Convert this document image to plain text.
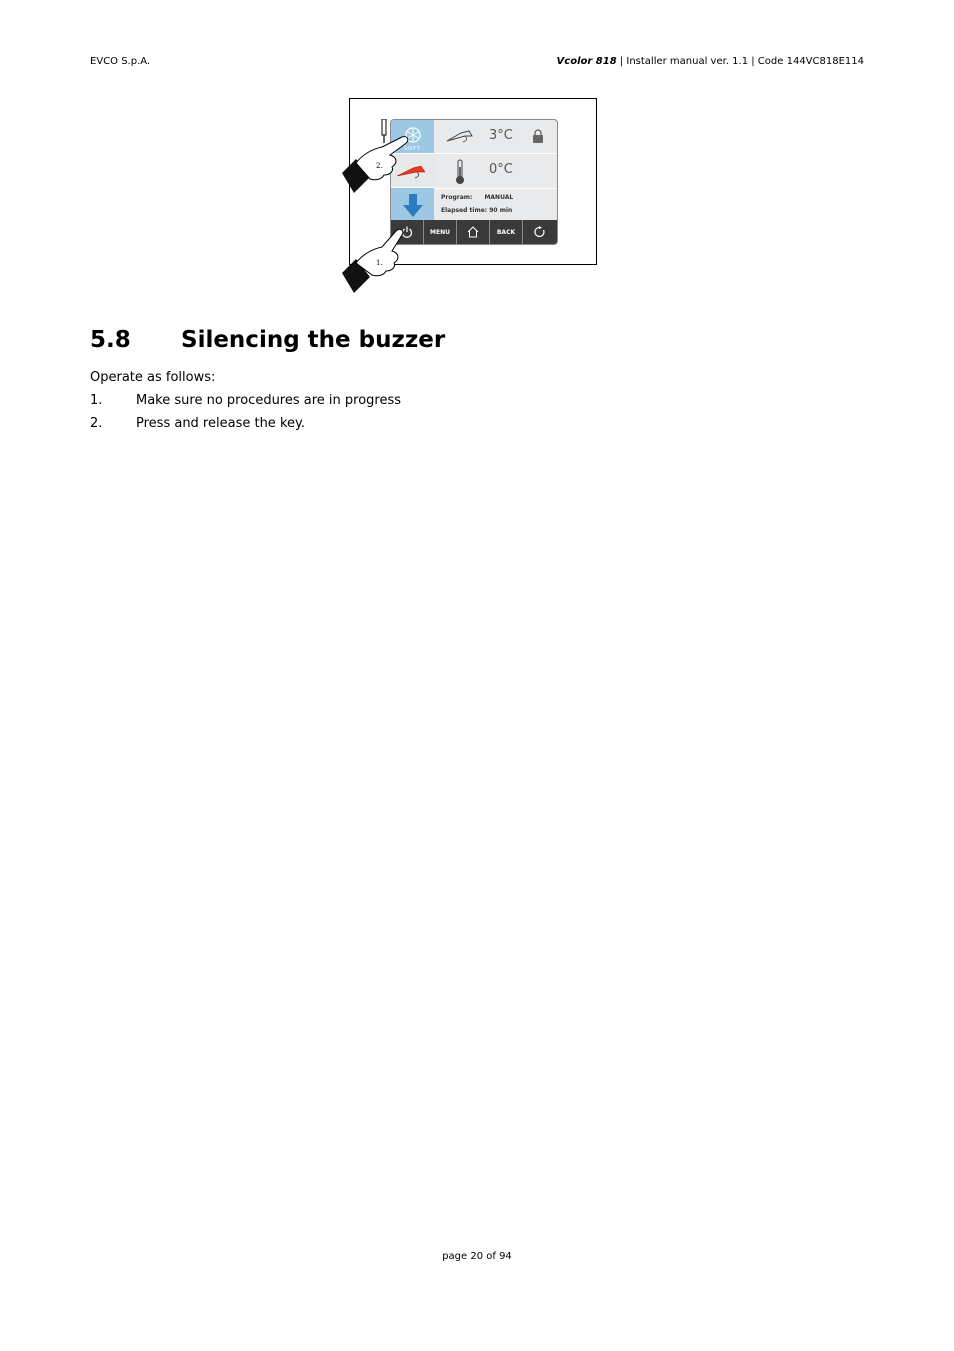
EVCO S.p.A.	Vcolor 818 | Installer manual ver. 1.1 | Code 144VC818E114
SOFT
3°C
0°C
Program: MANUAL
Elapsed time: 90 min
MENU	BACK
2.
1.
5.8 Silencing the buzzer
Operate as follows:
1.	Make sure no procedures are in progress
2.	Press and release the key.
page 20 of 94
